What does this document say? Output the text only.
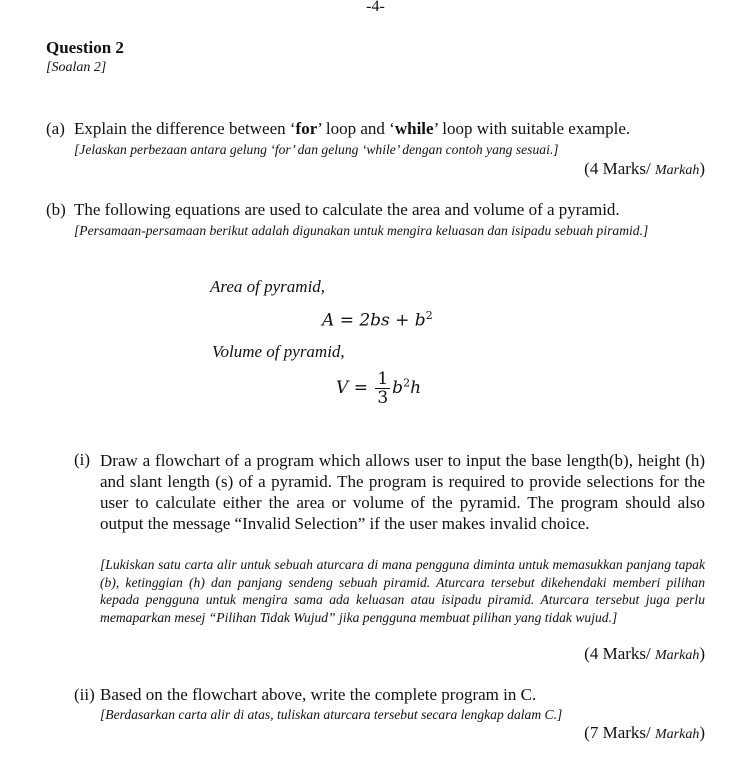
-4-
Question 2
[Soalan 2]
(a) Explain the difference between ‘for’ loop and ‘while’ loop with suitable example.
[Jelaskan perbezaan antara gelung ‘for’ dan gelung ‘while’ dengan contoh yang sesuai.]
(4 Marks/ Markah)
(b) The following equations are used to calculate the area and volume of a pyramid.
[Persamaan-persamaan berikut adalah digunakan untuk mengira keluasan dan isipadu sebuah piramid.]
Area of pyramid,
$A = 2bs + b^2$
Volume of pyramid,
$V = \frac{1}{3} b^2h$
(i) Draw a flowchart of a program which allows user to input the base length(b), height (h) and slant length (s) of a pyramid. The program is required to provide selections for the user to calculate either the area or volume of the pyramid. The program should also output the message “Invalid Selection” if the user makes invalid choice.
[Lukiskan satu carta alir untuk sebuah aturcara di mana pengguna diminta untuk memasukkan panjang tapak (b), ketinggian (h) dan panjang sendeng sebuah piramid. Aturcara tersebut dikehendaki memberi pilihan kepada pengguna untuk mengira sama ada keluasan atau isipadu piramid. Aturcara tersebut juga perlu memaparkan mesej “Pilihan Tidak Wujud” jika pengguna membuat pilihan yang tidak wujud.]
(4 Marks/ Markah)
(ii) Based on the flowchart above, write the complete program in C.
[Berdasarkan carta alir di atas, tuliskan aturcara tersebut secara lengkap dalam C.]
(7 Marks/ Markah)
